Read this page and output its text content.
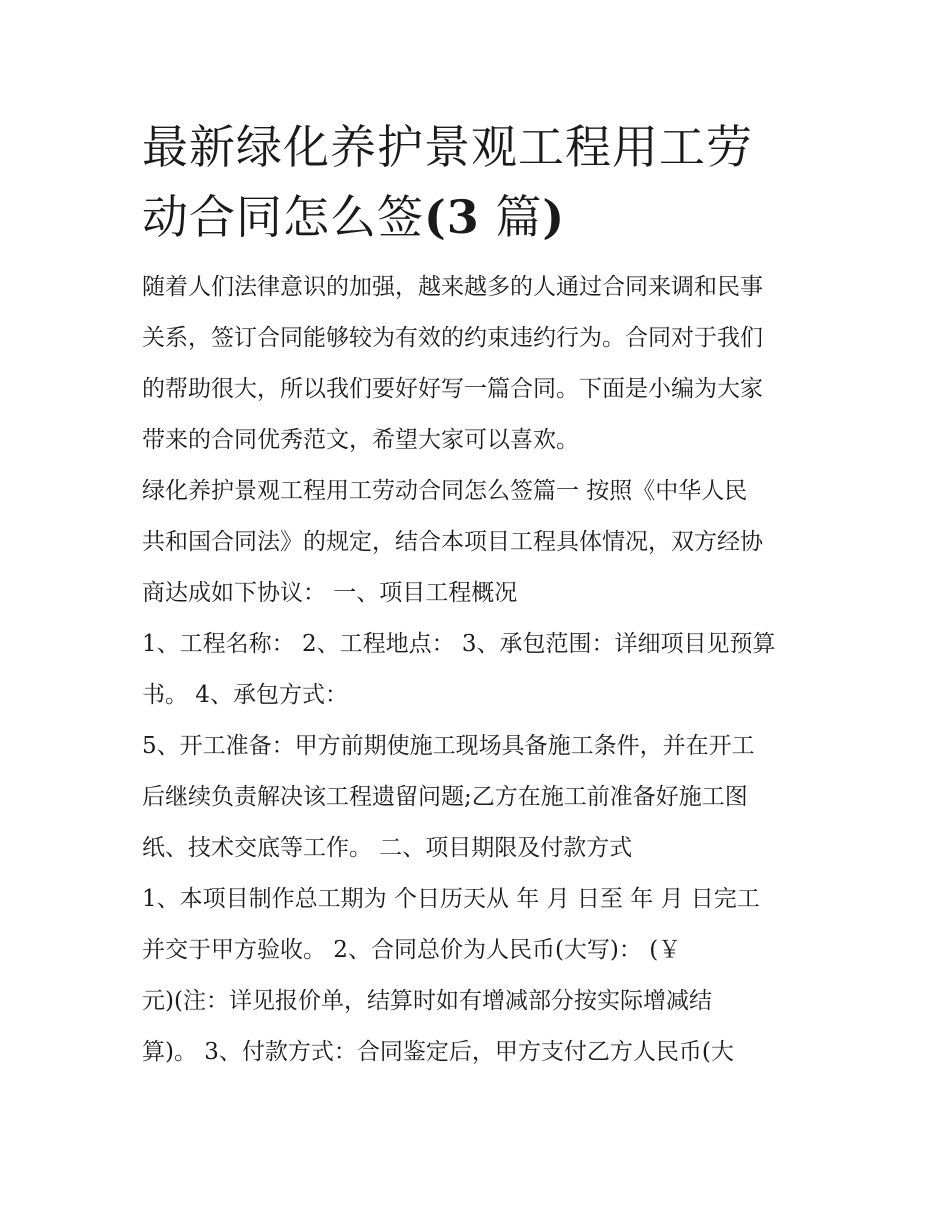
最新绿化养护景观工程用工劳
动合同怎么签(3 篇)
随着人们法律意识的加强，越来越多的人通过合同来调和民事
关系，签订合同能够较为有效的约束违约行为。合同对于我们
的帮助很大，所以我们要好好写一篇合同。下面是小编为大家
带来的合同优秀范文，希望大家可以喜欢。
绿化养护景观工程用工劳动合同怎么签篇一 按照《中华人民
共和国合同法》的规定，结合本项目工程具体情况，双方经协
商达成如下协议： 一、项目工程概况
1、工程名称： 2、工程地点： 3、承包范围：详细项目见预算
书。 4、承包方式：
5、开工准备：甲方前期使施工现场具备施工条件，并在开工
后继续负责解决该工程遗留问题;乙方在施工前准备好施工图
纸、技术交底等工作。 二、项目期限及付款方式
1、本项目制作总工期为 个日历天从 年 月 日至 年 月 日完工
并交于甲方验收。 2、合同总价为人民币(大写)： (￥
元)(注：详见报价单，结算时如有增减部分按实际增减结
算)。 3、付款方式：合同鉴定后，甲方支付乙方人民币(大
